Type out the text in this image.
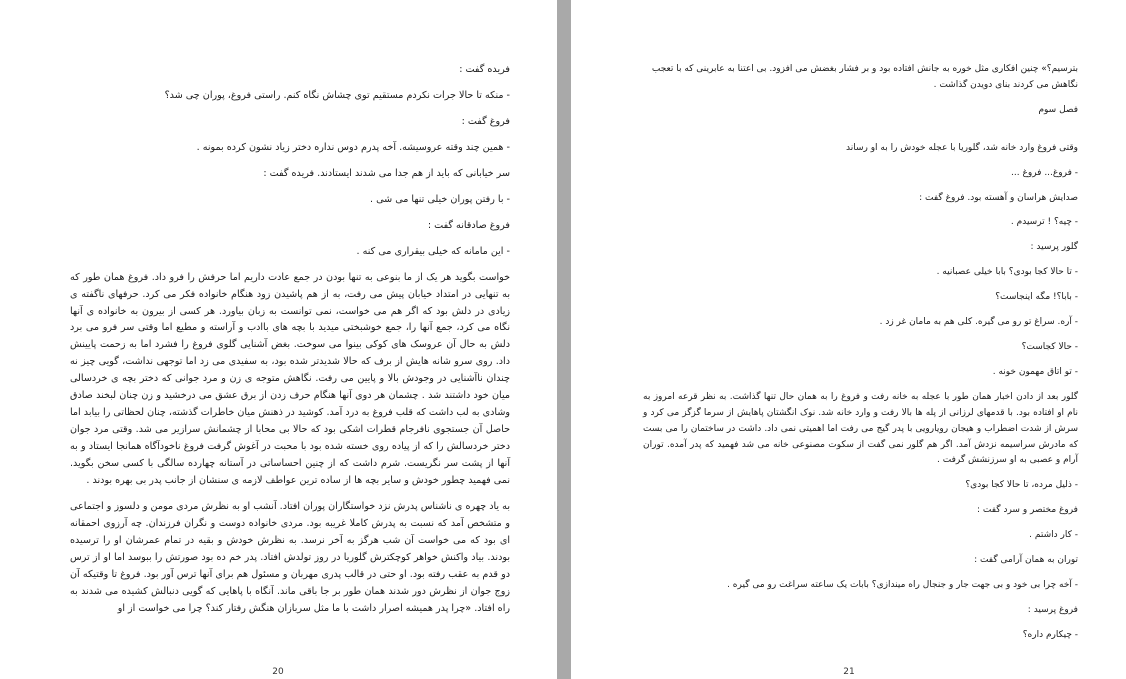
فریده گفت :

- منکه تا حالا جرات نکردم مستقیم توی چشاش نگاه کنم. راستی فروغ، پوران چی شد؟

فروغ گفت :

- همین چند وقته عروسیشه. آخه پدرم دوس نداره دختر زیاد نشون کرده بمونه .

سر خیابانی که باید از هم جدا می شدند ایستادند. فریده گفت :

- با رفتن پوران خیلی تنها می شی .

فروغ صادقانه گفت :

- این مامانه که خیلی بیقراری می کنه .

خواست بگوید هر یک از ما بنوعی به تنها بودن در جمع عادت داریم اما حرفش را فرو داد. فروغ همان طور که به تنهایی در امتداد خیابان پیش می رفت، به از هم پاشیدن زود هنگام خانواده فکر می کرد. حرفهای ناگفته ی زیادی در دلش بود که اگر هم می خواست، نمی توانست به زبان بیاورد. هر کسی از بیرون به خانواده ی آنها نگاه می کرد، جمع آنها را، جمع خوشبختی میدید با بچه های باادب و آراسته و مطیع اما وقتی سر فرو می برد دلش به حال آن عروسک های کوکی بینوا می سوخت. بغض آشنایی گلوی فروغ را فشرد اما به زحمت پایینش داد. روی سرو شانه هایش از برف که حالا شدیدتر شده بود، به سفیدی می زد اما توجهی نداشت، گویی چیز نه چندان ناآشنایی در وجودش بالا و پایین می رفت. نگاهش متوجه ی زن و مرد جوانی که دختر بچه ی خردسالی میان خود داشتند شد . چشمان هر دوی آنها هنگام حرف زدن از برق عشق می درخشید و زن چنان لبخند صادق وشادی به لب داشت که قلب فروغ به درد آمد. کوشید در ذهنش میان خاطرات گذشته، چنان لحظاتی را بیابد اما حاصل آن جستجوی نافرجام قطرات اشکی بود که حالا بی محابا از چشمانش سرازیر می شد. وقتی مرد جوان دختر خردسالش را که از پیاده روی خسته شده بود با محبت در آغوش گرفت فروغ ناخودآگاه همانجا ایستاد و به آنها از پشت سر نگریست. شرم داشت که از چنین احساساتی در آستانه چهارده سالگی با کسی سخن بگوید. نمی فهمید چطور خودش و سایر بچه ها از ساده ترین عواطف لازمه ی سنشان از جانب پدر بی بهره بودند .

به یاد چهره ی ناشناس پدرش نزد خواستگاران پوران افتاد. آنشب او به نظرش مردی مومن و دلسوز و اجتماعی و متشخص آمد که نسبت به پدرش کاملا غریبه بود. مردی خانواده دوست و نگران فرزندان. چه آرزوی احمقانه ای بود که می خواست آن شب هرگز به آخر نرسد. به نظرش خودش و بقیه در تمام عمرشان او را ترسیده بودند. بیاد واکنش خواهر کوچکترش گلوریا در روز تولدش افتاد. پدر خم ده بود صورتش را ببوسد اما او از ترس دو قدم به عقب رفته بود. او حتی در قالب پدری مهربان و مسئول هم برای آنها ترس آور بود. فروغ تا وقتیکه آن زوج جوان از نظرش دور شدند همان طور بر جا باقی ماند. آنگاه با پاهایی که گویی دنبالش کشیده می شدند به راه افتاد. «چرا پدر همیشه اصرار داشت با ما مثل سربازان هنگش رفتار کند؟ چرا می خواست از او

20

بترسیم؟» چنین افکاری مثل خوره به جانش افتاده بود و بر فشار بغضش می افزود. بی اعتنا به عابرینی که با تعجب نگاهش می کردند بنای دویدن گذاشت .

فصل سوم

وقتی فروغ وارد خانه شد، گلوریا با عجله خودش را به او رساند

- فروغ... فروغ ...

صدایش هراسان و آهسته بود. فروغ گفت :

- چیه؟ ! ترسیدم .

گلور پرسید :

- تا حالا کجا بودی؟ بابا خیلی عصبانیه .

- بابا؟! مگه اینجاست؟

- آره. سراغ تو رو می گیره. کلی هم به مامان غر زد .

- حالا کجاست؟

- تو اتاق مهمون خونه .

گلور بعد از دادن اخبار همان طور با عجله به خانه رفت و فروغ را به همان حال تنها گذاشت. به نظر قرعه امروز به نام او افتاده بود. با قدمهای لرزانی از پله ها بالا رفت و وارد خانه شد. نوک انگشتان پاهایش از سرما گزگز می کرد و سرش از شدت اضطراب و هیجان رویارویی با پدر گیج می رفت اما اهمیتی نمی داد. داشت در ساختمان را می بست که مادرش سراسیمه نزدش آمد. اگر هم گلور نمی گفت از سکوت مصنوعی خانه می شد فهمید که پدر آمده. توران آرام و عصبی به او سرزنشش گرفت .

- ذلیل مرده، تا حالا کجا بودی؟

فروغ مختصر و سرد گفت :

- کار داشتم .

توران به همان آرامی گفت :

- آخه چرا بی خود و بی جهت جار و جنجال راه میندازی؟ بابات یک ساعته سراغت رو می گیره .

فروغ پرسید :

- چیکارم داره؟

21
